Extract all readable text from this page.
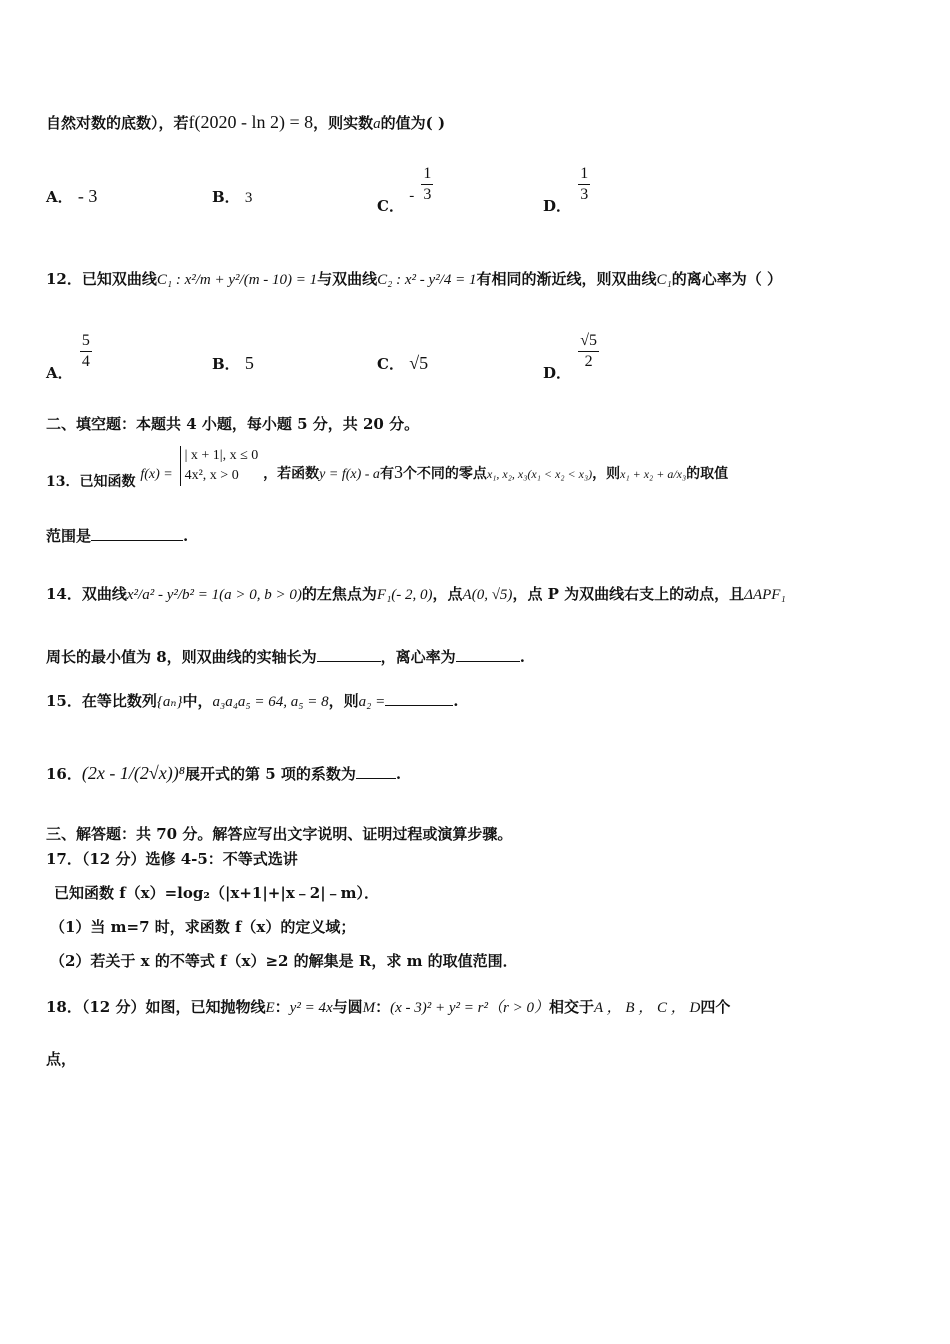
自然对数的底数），若f(2020 - ln 2) = 8，则实数a的值为( )
A． - 3	B． 3	C． - $\frac{1}{3}$
D．
$\frac{1}{3}$
12．已知双曲线C₁ : x²/m + y²/(m - 10) = 1与双曲线C₂ : x² - y²/4 = 1有相同的渐近线，则双曲线C₁的离心率为（ ）
A．
$\frac{5}{4}$	B． 5	C． √5	D．
$\frac{√5}{2}$
二、填空题：本题共 4 小题，每小题 5 分，共 20 分。
13．已知函数 f(x) =
| x + 1|, x ≤ 0
4x², x > 0	，若函数y = f(x) - a有3个不同的零点x₁, x₂, x₃(x₁ < x₂ < x₃)，则x₁ + x₂ + a/x₃的取值
范围是	.
14．双曲线x²/a² - y²/b² = 1(a > 0, b > 0)的左焦点为F₁(- 2, 0)，点A(0, √5)，点 P 为双曲线右支上的动点，且ΔAPF₁
周长的最小值为 8，则双曲线的实轴长为	，离心率为	.
15．在等比数列{aₙ}中，a₃a₄a₅ = 64, a₅ = 8，则a₂ =	.
16．(2x - 1/(2√x))⁸展开式的第 5 项的系数为	.
三、解答题：共 70 分。解答应写出文字说明、证明过程或演算步骤。
17．（12 分）选修 4-5：不等式选讲
已知函数 f（x）=log₂（|x+1|+|x﹣2|﹣m）．
（1）当 m=7 时，求函数 f（x）的定义域；
（2）若关于 x 的不等式 f（x）≥2 的解集是 R，求 m 的取值范围．
18．（12 分）如图，已知抛物线E：y² = 4x与圆M：(x - 3)² + y² = r²（r > 0）相交于A ， B ， C ， D四个
点，
